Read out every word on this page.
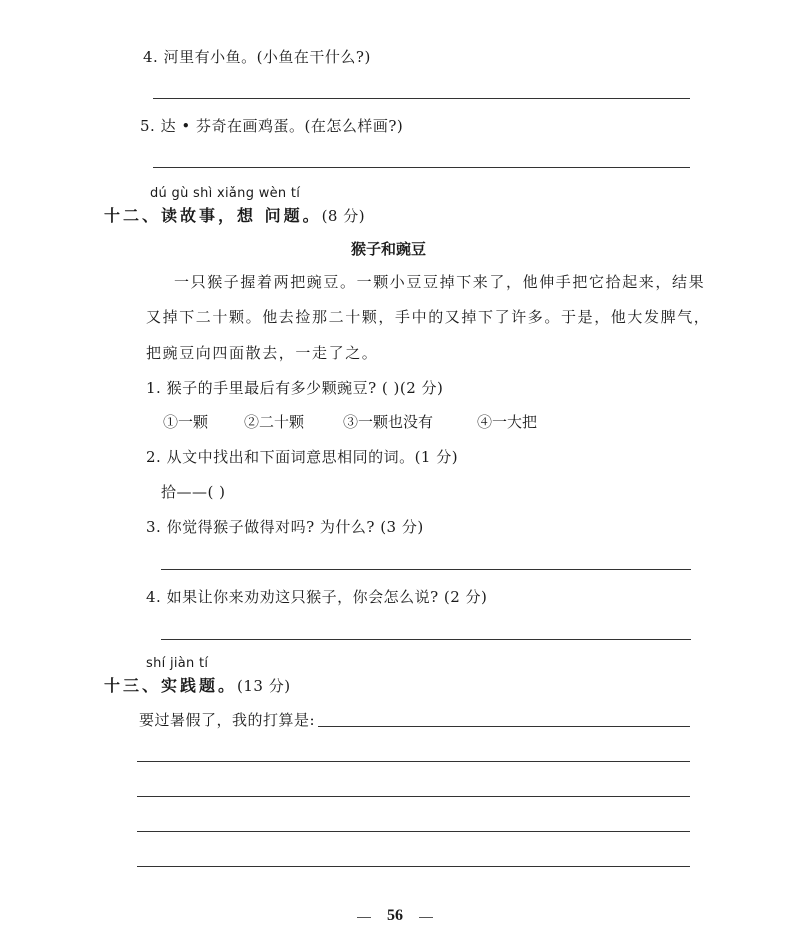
4. 河里有小鱼。(小鱼在干什么?)
5. 达 • 芬奇在画鸡蛋。(在怎么样画?)
dú gù shì xiǎng wèn tí
十二、读故事，想 问题。(8 分)
猴子和豌豆
一只猴子握着两把豌豆。一颗小豆豆掉下来了，他伸手把它拾起来，结果
又掉下二十颗。他去捡那二十颗，手中的又掉下了许多。于是，他大发脾气，
把豌豆向四面散去，一走了之。
1. 猴子的手里最后有多少颗豌豆? ( )(2 分)
①一颗 ②二十颗	③一颗也没有	④一大把
2. 从文中找出和下面词意思相同的词。(1 分)
拾——( )
3. 你觉得猴子做得对吗? 为什么? (3 分)
4. 如果让你来劝劝这只猴子，你会怎么说? (2 分)
shí jiàn tí
十三、实践题。(13 分)
要过暑假了，我的打算是:
56
